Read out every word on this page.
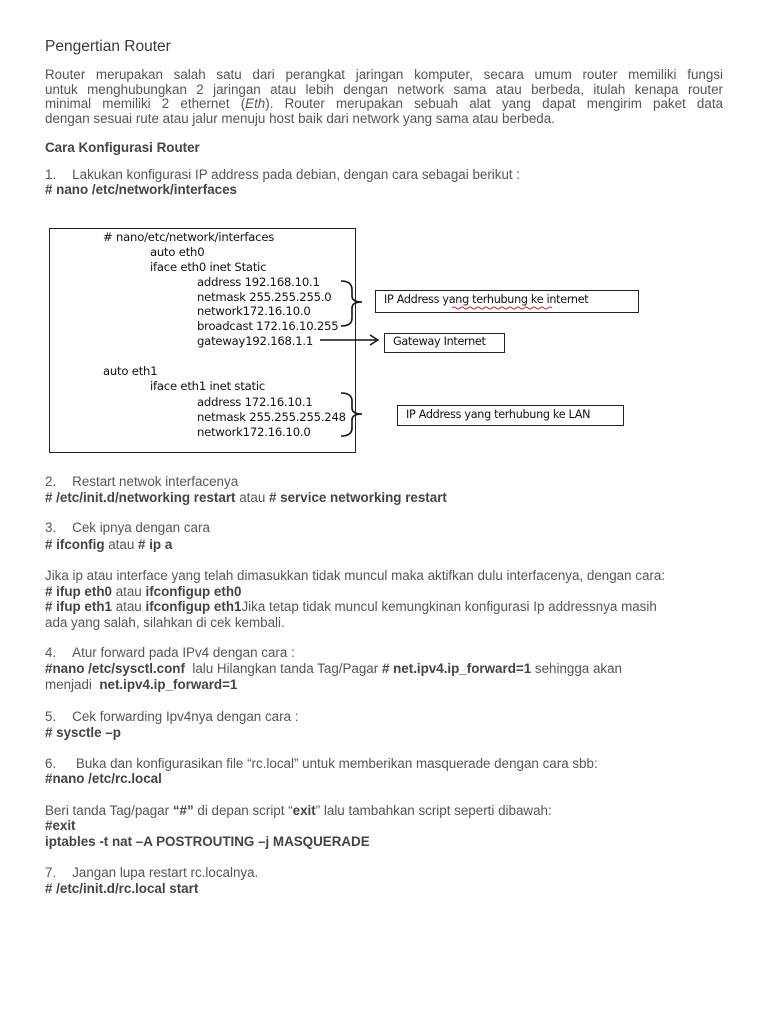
Pengertian Router
Router merupakan salah satu dari perangkat jaringan komputer, secara umum router memiliki fungsi
untuk menghubungkan 2 jaringan atau lebih dengan network sama atau berbeda, itulah kenapa router
minimal memiliki 2 ethernet (Eth). Router merupakan sebuah alat yang dapat mengirim paket data
dengan sesuai rute atau jalur menuju host baik dari network yang sama atau berbeda.
Cara Konfigurasi Router
1. Lakukan konfigurasi IP address pada debian, dengan cara sebagai berikut :
# nano /etc/network/interfaces
# nano/etc/network/interfaces
auto eth0
iface eth0 inet Static
address 192.168.10.1
netmask 255.255.255.0
network172.16.10.0
broadcast 172.16.10.255
gateway192.168.1.1
auto eth1
iface eth1 inet static
address 172.16.10.1
netmask 255.255.255.248
network172.16.10.0
IP Address yang terhubung ke internet
Gateway Internet
IP Address yang terhubung ke LAN
2. Restart netwok interfacenya
# /etc/init.d/networking restart atau # service networking restart
3. Cek ipnya dengan cara
# ifconfig atau # ip a
Jika ip atau interface yang telah dimasukkan tidak muncul maka aktifkan dulu interfacenya, dengan cara:
# ifup eth0 atau ifconfigup eth0
# ifup eth1 atau ifconfigup eth1Jika tetap tidak muncul kemungkinan konfigurasi Ip addressnya masih
ada yang salah, silahkan di cek kembali.
4. Atur forward pada IPv4 dengan cara :
#nano /etc/sysctl.conf  lalu Hilangkan tanda Tag/Pagar # net.ipv4.ip_forward=1 sehingga akan
menjadi  net.ipv4.ip_forward=1
5. Cek forwarding Ipv4nya dengan cara :
# sysctle –p
6. Buka dan konfigurasikan file “rc.local” untuk memberikan masquerade dengan cara sbb:
#nano /etc/rc.local
Beri tanda Tag/pagar “#” di depan script “exit” lalu tambahkan script seperti dibawah:
#exit
iptables -t nat –A POSTROUTING –j MASQUERADE
7. Jangan lupa restart rc.localnya.
# /etc/init.d/rc.local start
